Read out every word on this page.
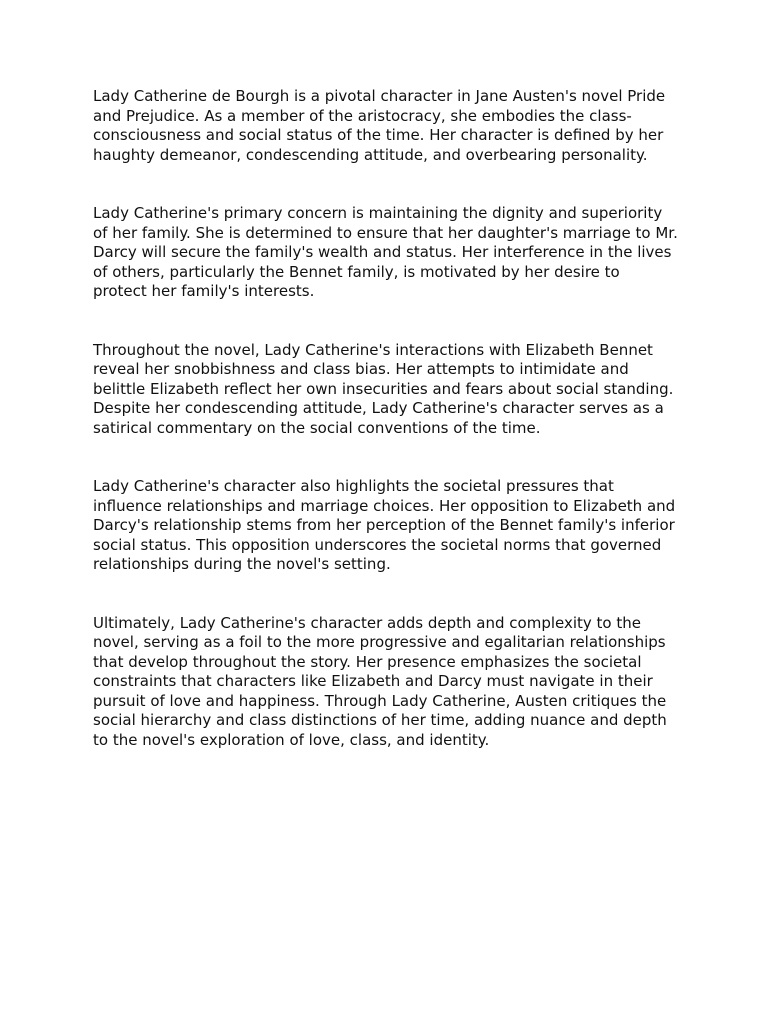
Lady Catherine de Bourgh is a pivotal character in Jane Austen's novel Pride and Prejudice. As a member of the aristocracy, she embodies the class-consciousness and social status of the time. Her character is defined by her haughty demeanor, condescending attitude, and overbearing personality.

Lady Catherine's primary concern is maintaining the dignity and superiority of her family. She is determined to ensure that her daughter's marriage to Mr. Darcy will secure the family's wealth and status. Her interference in the lives of others, particularly the Bennet family, is motivated by her desire to protect her family's interests.

Throughout the novel, Lady Catherine's interactions with Elizabeth Bennet reveal her snobbishness and class bias. Her attempts to intimidate and belittle Elizabeth reflect her own insecurities and fears about social standing. Despite her condescending attitude, Lady Catherine's character serves as a satirical commentary on the social conventions of the time.

Lady Catherine's character also highlights the societal pressures that influence relationships and marriage choices. Her opposition to Elizabeth and Darcy's relationship stems from her perception of the Bennet family's inferior social status. This opposition underscores the societal norms that governed relationships during the novel's setting.

Ultimately, Lady Catherine's character adds depth and complexity to the novel, serving as a foil to the more progressive and egalitarian relationships that develop throughout the story. Her presence emphasizes the societal constraints that characters like Elizabeth and Darcy must navigate in their pursuit of love and happiness. Through Lady Catherine, Austen critiques the social hierarchy and class distinctions of her time, adding nuance and depth to the novel's exploration of love, class, and identity.
